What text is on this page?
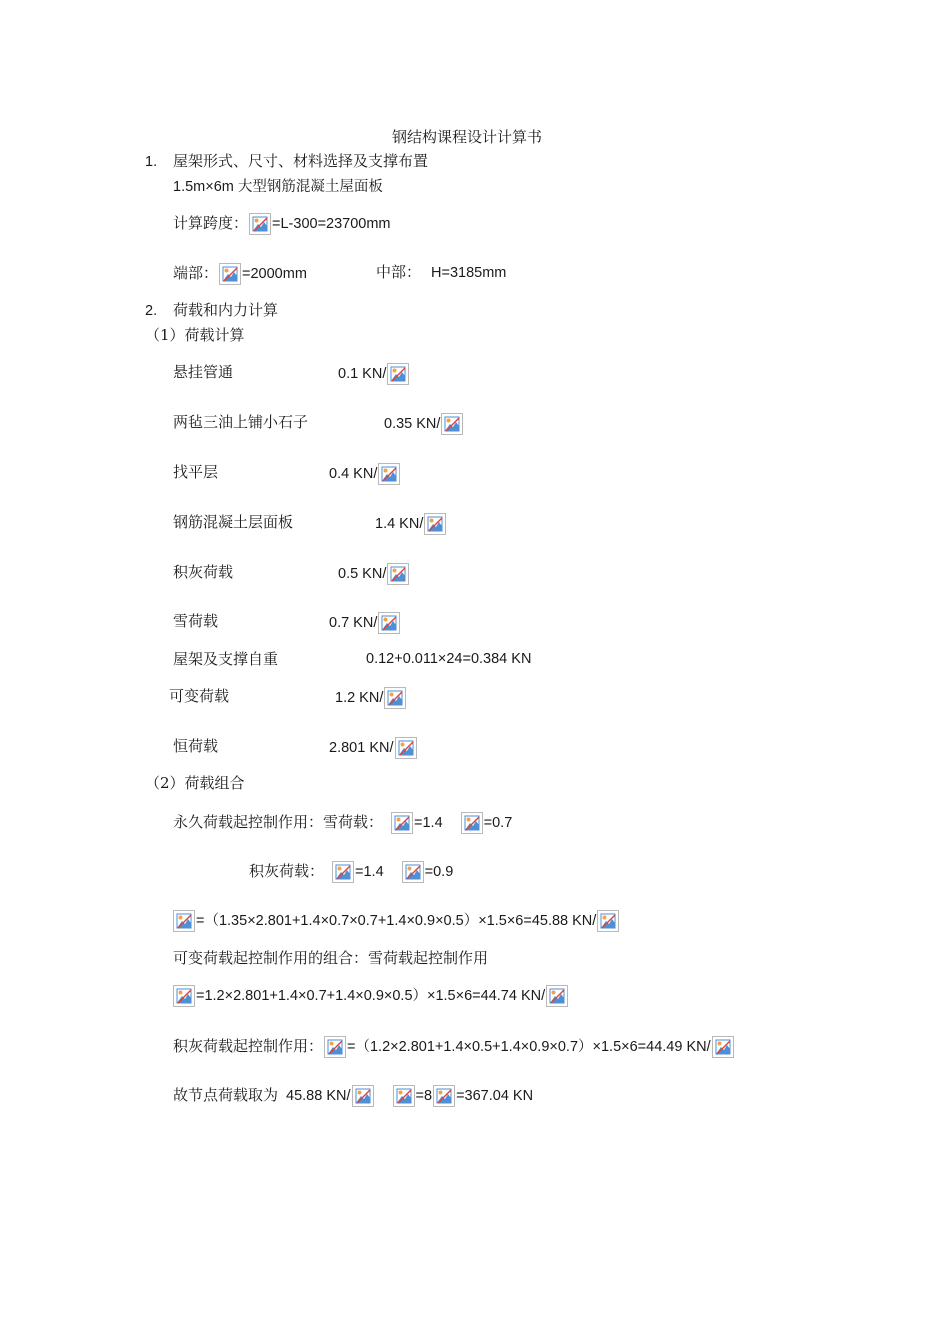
钢结构课程设计计算书
1. 屋架形式、尺寸、材料选择及支撑布置
1.5m×6m 大型钢筋混凝土屋面板
计算跨度： =L-300=23700mm
端部： =2000mm	中部： H=3185mm
2. 荷载和内力计算
（1）荷载计算
悬挂管通	0.1 KN/
两毡三油上铺小石子	0.35 KN/
找平层	0.4 KN/
钢筋混凝土层面板	1.4 KN/
积灰荷载	0.5 KN/
雪荷载	0.7 KN/
屋架及支撑自重	0.12+0.011×24=0.384 KN
可变荷载	1.2 KN/
恒荷载	2.801 KN/
（2）荷载组合
永久荷载起控制作用：雪荷载： =1.4	=0.7
积灰荷载： =1.4	=0.9
=（1.35×2.801+1.4×0.7×0.7+1.4×0.9×0.5）×1.5×6=45.88 KN/
可变荷载起控制作用的组合：雪荷载起控制作用
=1.2×2.801+1.4×0.7+1.4×0.9×0.5）×1.5×6=44.74 KN/
积灰荷载起控制作用： =（1.2×2.801+1.4×0.5+1.4×0.9×0.7）×1.5×6=44.49 KN/
故节点荷载取为 45.88 KN/	=8 =367.04 KN
